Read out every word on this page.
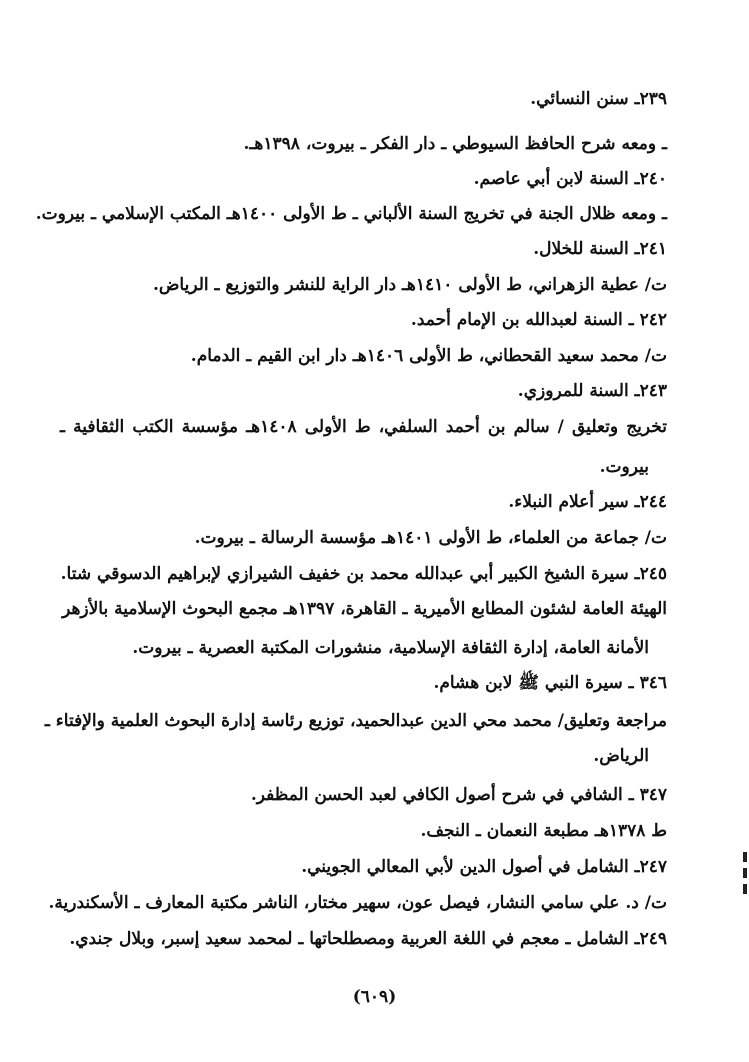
٢٣٩ـ سنن النسائي.
ـ ومعه شرح الحافظ السيوطي ـ دار الفكر ـ بيروت، ١٣٩٨هـ.
٢٤٠ـ السنة لابن أبي عاصم.
ـ ومعه ظلال الجنة في تخريج السنة الألباني ـ ط الأولى ١٤٠٠هـ المكتب الإسلامي ـ بيروت.
٢٤١ـ السنة للخلال.
ت/ عطية الزهراني، ط الأولى ١٤١٠هـ دار الراية للنشر والتوزيع ـ الرياض.
٢٤٢ ـ السنة لعبدالله بن الإمام أحمد.
ت/ محمد سعيد القحطاني، ط الأولى ١٤٠٦هـ دار ابن القيم ـ الدمام.
٢٤٣ـ السنة للمروزي.
تخريج وتعليق / سالم بن أحمد السلفي، ط الأولى ١٤٠٨هـ مؤسسة الكتب الثقافية ـ
بيروت.
٢٤٤ـ سير أعلام النبلاء.
ت/ جماعة من العلماء، ط الأولى ١٤٠١هـ مؤسسة الرسالة ـ بيروت.
٢٤٥ـ سيرة الشيخ الكبير أبي عبدالله محمد بن خفيف الشيرازي لإبراهيم الدسوقي شتا.
الهيئة العامة لشئون المطابع الأميرية ـ القاهرة، ١٣٩٧هـ مجمع البحوث الإسلامية بالأزهر
الأمانة العامة، إدارة الثقافة الإسلامية، منشورات المكتبة العصرية ـ بيروت.
٣٤٦ ـ سيرة النبي ﷺ لابن هشام.
مراجعة وتعليق/ محمد محي الدين عبدالحميد، توزيع رئاسة إدارة البحوث العلمية والإفتاء ـ
الرياض.
٣٤٧ ـ الشافي في شرح أصول الكافي لعبد الحسن المظفر.
ط ١٣٧٨هـ مطبعة النعمان ـ النجف.
٢٤٧ـ الشامل في أصول الدين لأبي المعالي الجويني.
ت/ د. علي سامي النشار، فيصل عون، سهير مختار، الناشر مكتبة المعارف ـ الأسكندرية.
٢٤٩ـ الشامل ـ معجم في اللغة العربية ومصطلحاتها ـ لمحمد سعيد إسبر، وبلال جندي.
(٦٠٩)
